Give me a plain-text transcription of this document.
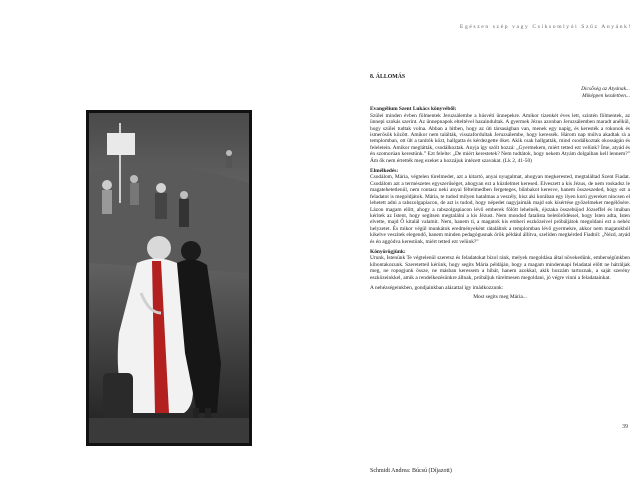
Egészen szép vagy Csíksomlyói Szűz Anyánk!
Schmidt Andrea: Búcsú (Díjazott)
8. ÁLLOMÁS
Dicsőség az Atyának...
Miképpen kezdetben...
Evangélium Szent Lukács könyvéből:
Szülei minden évben fölmentek Jeruzsálembe a húsvéti ünnepekre. Amikor tizenkét éves lett, szintén fölmentek, az ünnepi szokás szerint. Az ünnepnapok elteltével hazaindultak. A gyermek Jézus azonban Jeruzsálemben maradt anélkül, hogy szülei tudtak volna. Abban a hitben, hogy az úti társaságban van, menek egy napig, és keresték a rokonok és ismerősök között. Amikor nem találták, visszafordultak Jeruzsálembe, hogy keressék. Három nap múlva akadtak rá a templomban, ott ült a tanítók közt, hallgatta és kérdezgette őket. Akik csak hallgatták, mind csodálkoztak okosságán és feleletein. Amikor meglátták, csodálkoztak. Anyja így szólt hozzá: „Gyermekem, miért tetted ezt velünk? Íme, atyád és én szomorúan kerestünk.” Ezt felelte: „De miért kerestetek? Nem tudtátok, hogy nekem Atyám dolgaiban kell lennem?” Ám ők nem értették meg ezeket a hozzájuk intézett szavakat. (Lk 2, 41-50)
Elmélkedés:
Csodálom, Mária, végtelen türelmedet, azt a kitartó, anyai nyugalmat, ahogyan megkerested, megtaláltad Szent Fiadat. Csodálom azt a természetes egyszerűséget, ahogyan ezt a küzdelmet keresed. Elveszett a kis Jézus, de nem roskadsz le magatehetetlenül, nem rontasz neki anyai féltelmedben fergeteges, bűnbakot keresve, hanem összeszeded, hogy ezt a feladatot is megoldjátok. Mária, te tudod milyen hatalmas a veszély, hisz aki korában egy ilyen korú gyereket nincsen el lehetett adni a rabszolgapiacon, de azt is tudod, hogy népedet nagyjaimák majd sok kísértése győzelmeket megélősére. Lázon magam előtt, ahogy a rabszolgapiacon lévő emberek fölött lehelnék, éjszaka összebújod Józseffel és imában kéritek az Istent, hogy segítsen megtalálni a kis Jézust. Nem mondod fatalista beletörődéssel, hogy Isten adta, Isten elvette, majd Ő kitalál valamit. Nem, hanem ti, a magatok kis emberi eszközeivel próbáljátok megoldani ezt a nehéz helyzetet. És mikor végül munkátok eredményeként rátaláltok a templomban lévő gyermekre, akkor nem magatokból kikelve veszitek elegendő, hanem minden pedagógusnak örök például állítva, szelíden megkérded Fiadtól: „Nézd, atyád és én aggódva kerestünk, miért tetted ezt velünk?”
Könyörögjünk:
Urunk, Istenünk Te végtelenül szeretsz és feladatokat bízol ránk, melyek megoldása által növekedünk, emberségünkben kibontakozunk. Szeretetteil kérünk, hogy segíts Mária példáján, hogy a magam mindennapi feladatai előtt ne hátráljak meg, ne ropogjunk össze, ne másban keressem a hibát, hanem azokkal, akik hozzám tartoznak, a saját szerény eszközeinkkel, amik a rendelkezésünkre állnak, próbáljuk türelmesen megoldani, jó végre vinni a feladatainkat.
A nehézségeinkben, gondjainkban alázattal így imádkozzunk:
Most segíts meg Mária...
39
